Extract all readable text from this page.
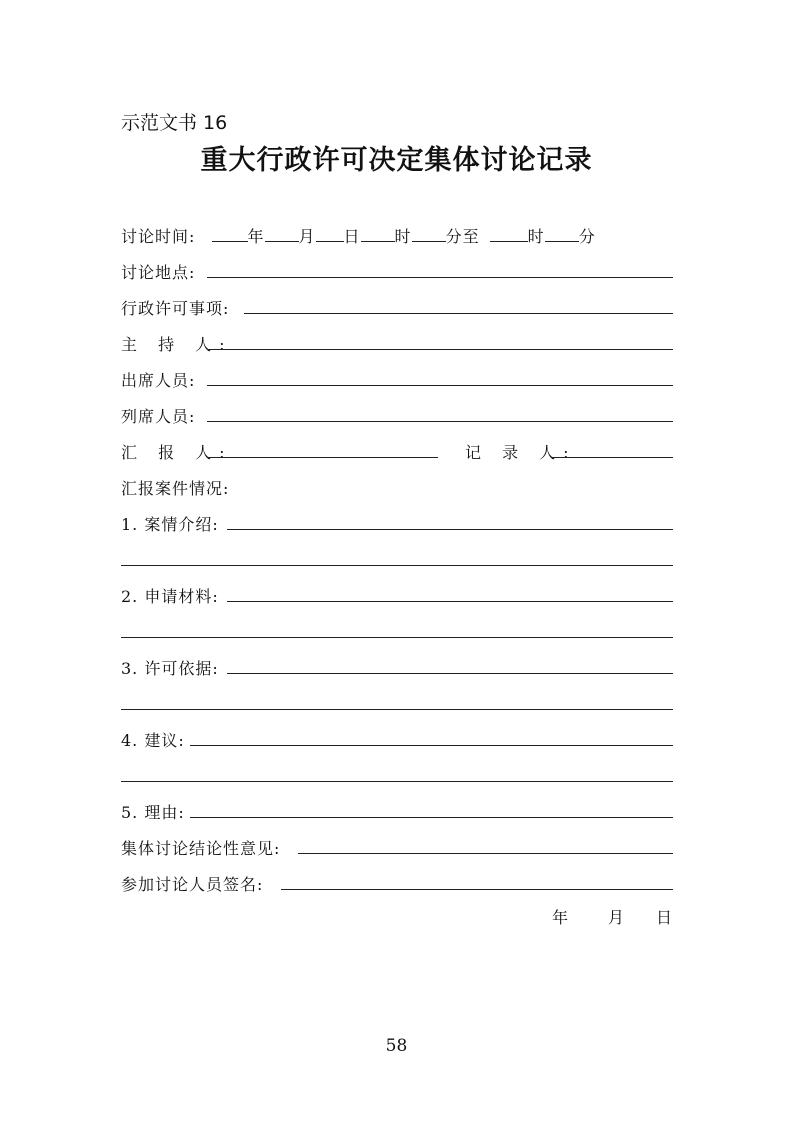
示范文书 16
重大行政许可决定集体讨论记录
讨论时间:	年 月 日 时 分至	时 分
讨论地点:
行政许可事项:
主 持 人:
出席人员:
列席人员:
汇 报 人:	记 录 人:
汇报案件情况:
1. 案情介绍:
2. 申请材料:
3. 许可依据:
4. 建议:
5. 理由:
集体讨论结论性意见:
参加讨论人员签名:
年 月 日
58
